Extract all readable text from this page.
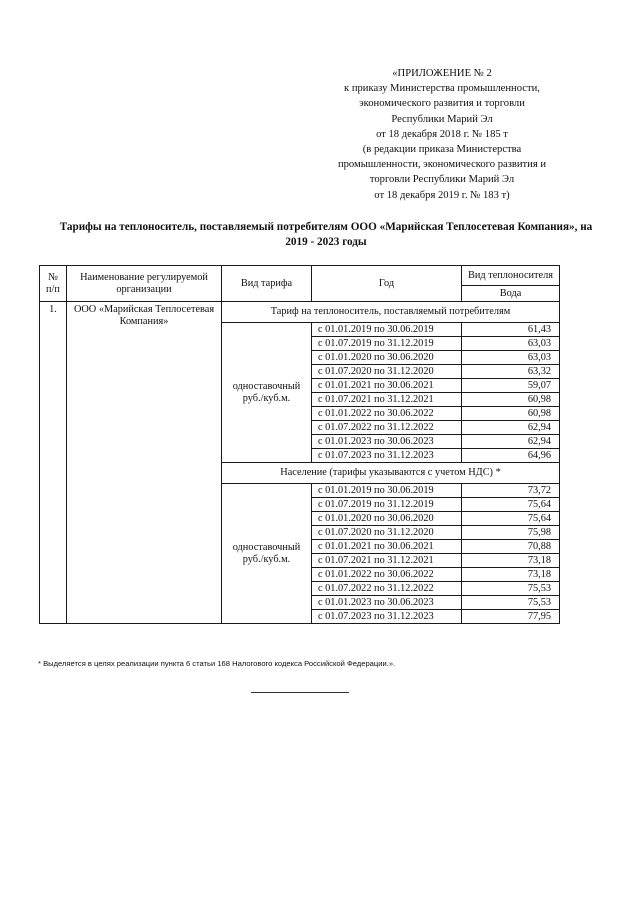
«ПРИЛОЖЕНИЕ № 2
к приказу Министерства промышленности,
экономического развития и торговли
Республики Марий Эл
от 18 декабря 2018 г. № 185 т
(в редакции приказа Министерства
промышленности, экономического развития и
торговли Республики Марий Эл
от 18 декабря 2019 г. № 183 т)
Тарифы на теплоноситель, поставляемый потребителям ООО «Марийская Теплосетевая Компания», на 2019 - 2023 годы
№ п/п	Наименование регулируемой организации	Вид тарифа	Год	Вид теплоносителя
				Вода
1.	ООО «Марийская Теплосетевая Компания»	Тариф на теплоноситель, поставляемый потребителям		
		одноставочный руб./куб.м.	с 01.01.2019 по 30.06.2019	61,43
			с 01.07.2019 по 31.12.2019	63,03
			с 01.01.2020 по 30.06.2020	63,03
			с 01.07.2020 по 31.12.2020	63,32
			с 01.01.2021 по 30.06.2021	59,07
			с 01.07.2021 по 31.12.2021	60,98
			с 01.01.2022 по 30.06.2022	60,98
			с 01.07.2022 по 31.12.2022	62,94
			с 01.01.2023 по 30.06.2023	62,94
			с 01.07.2023 по 31.12.2023	64,96
		Население (тарифы указываются с учетом НДС) *		
		одноставочный руб./куб.м.	с 01.01.2019 по 30.06.2019	73,72
			с 01.07.2019 по 31.12.2019	75,64
			с 01.01.2020 по 30.06.2020	75,64
			с 01.07.2020 по 31.12.2020	75,98
			с 01.01.2021 по 30.06.2021	70,88
			с 01.07.2021 по 31.12.2021	73,18
			с 01.01.2022 по 30.06.2022	73,18
			с 01.07.2022 по 31.12.2022	75,53
			с 01.01.2023 по 30.06.2023	75,53
			с 01.07.2023 по 31.12.2023	77,95
* Выделяется в целях реализации пункта 6 статьи 168 Налогового кодекса Российской Федерации.».
